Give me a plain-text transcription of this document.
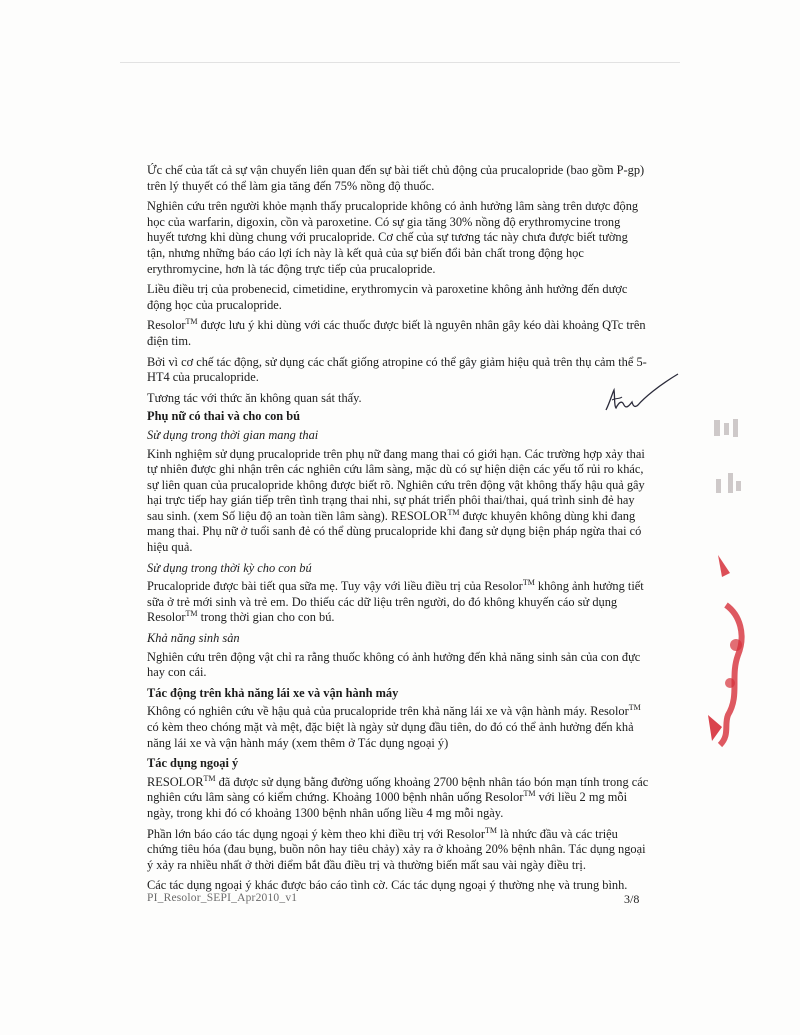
Ức chế của tất cả sự vận chuyển liên quan đến sự bài tiết chủ động của prucalopride (bao gồm P-gp) trên lý thuyết có thể làm gia tăng đến 75% nồng độ thuốc.

Nghiên cứu trên người khỏe mạnh thấy prucalopride không có ảnh hưởng lâm sàng trên dược động học của warfarin, digoxin, cồn và paroxetine. Có sự gia tăng 30% nồng độ erythromycine trong huyết tương khi dùng chung với prucalopride. Cơ chế của sự tương tác này chưa được biết tường tận, nhưng những báo cáo lợi ích này là kết quả của sự biến đổi bản chất trong động học erythromycine, hơn là tác động trực tiếp của prucalopride.

Liều điều trị của probenecid, cimetidine, erythromycin và paroxetine không ảnh hưởng đến dược động học của prucalopride.

Resolor™ được lưu ý khi dùng với các thuốc được biết là nguyên nhân gây kéo dài khoảng QTc trên điện tim.

Bởi vì cơ chế tác động, sử dụng các chất giống atropine có thể gây giảm hiệu quả trên thụ cảm thể 5-HT4 của prucalopride.

Tương tác với thức ăn không quan sát thấy.

Phụ nữ có thai và cho con bú
Sử dụng trong thời gian mang thai

Kinh nghiệm sử dụng prucalopride trên phụ nữ đang mang thai có giới hạn. Các trường hợp xảy thai tự nhiên được ghi nhận trên các nghiên cứu lâm sàng, mặc dù có sự hiện diện các yếu tố rủi ro khác, sự liên quan của prucalopride không được biết rõ. Nghiên cứu trên động vật không thấy hậu quả gây hại trực tiếp hay gián tiếp trên tình trạng thai nhi, sự phát triển phôi thai/thai, quá trình sinh đẻ hay sau sinh. (xem Số liệu độ an toàn tiền lâm sàng). RESOLOR™ được khuyên không dùng khi đang mang thai. Phụ nữ ở tuổi sanh đẻ có thể dùng prucalopride khi đang sử dụng biện pháp ngừa thai có hiệu quả.

Sử dụng trong thời kỳ cho con bú

Prucalopride được bài tiết qua sữa mẹ. Tuy vậy với liều điều trị của Resolor™ không ảnh hưởng tiết sữa ở trẻ mới sinh và trẻ em. Do thiếu các dữ liệu trên người, do đó không khuyến cáo sử dụng Resolor™ trong thời gian cho con bú.

Khả năng sinh sản

Nghiên cứu trên động vật chỉ ra rằng thuốc không có ảnh hưởng đến khả năng sinh sản của con đực hay con cái.

Tác động trên khả năng lái xe và vận hành máy

Không có nghiên cứu về hậu quả của prucalopride trên khả năng lái xe và vận hành máy. Resolor™ có kèm theo chóng mặt và mệt, đặc biệt là ngày sử dụng đầu tiên, do đó có thể ảnh hưởng đến khả năng lái xe và vận hành máy (xem thêm ở Tác dụng ngoại ý)

Tác dụng ngoại ý

RESOLOR™ đã được sử dụng bằng đường uống khoảng 2700 bệnh nhân táo bón mạn tính trong các nghiên cứu lâm sàng có kiểm chứng. Khoảng 1000 bệnh nhân uống Resolor™ với liều 2 mg mỗi ngày, trong khi đó có khoảng 1300 bệnh nhân uống liều 4 mg mỗi ngày.

Phần lớn báo cáo tác dụng ngoại ý kèm theo khi điều trị với Resolor™ là nhức đầu và các triệu chứng tiêu hóa (đau bụng, buồn nôn hay tiêu chảy) xảy ra ở khoảng 20% bệnh nhân. Tác dụng ngoại ý xảy ra nhiều nhất ở thời điểm bắt đầu điều trị và thường biến mất sau vài ngày điều trị.

Các tác dụng ngoại ý khác được báo cáo tình cờ. Các tác dụng ngoại ý thường nhẹ và trung bình.

PI_Resolor_SEPI_Apr2010_v1	3/8
